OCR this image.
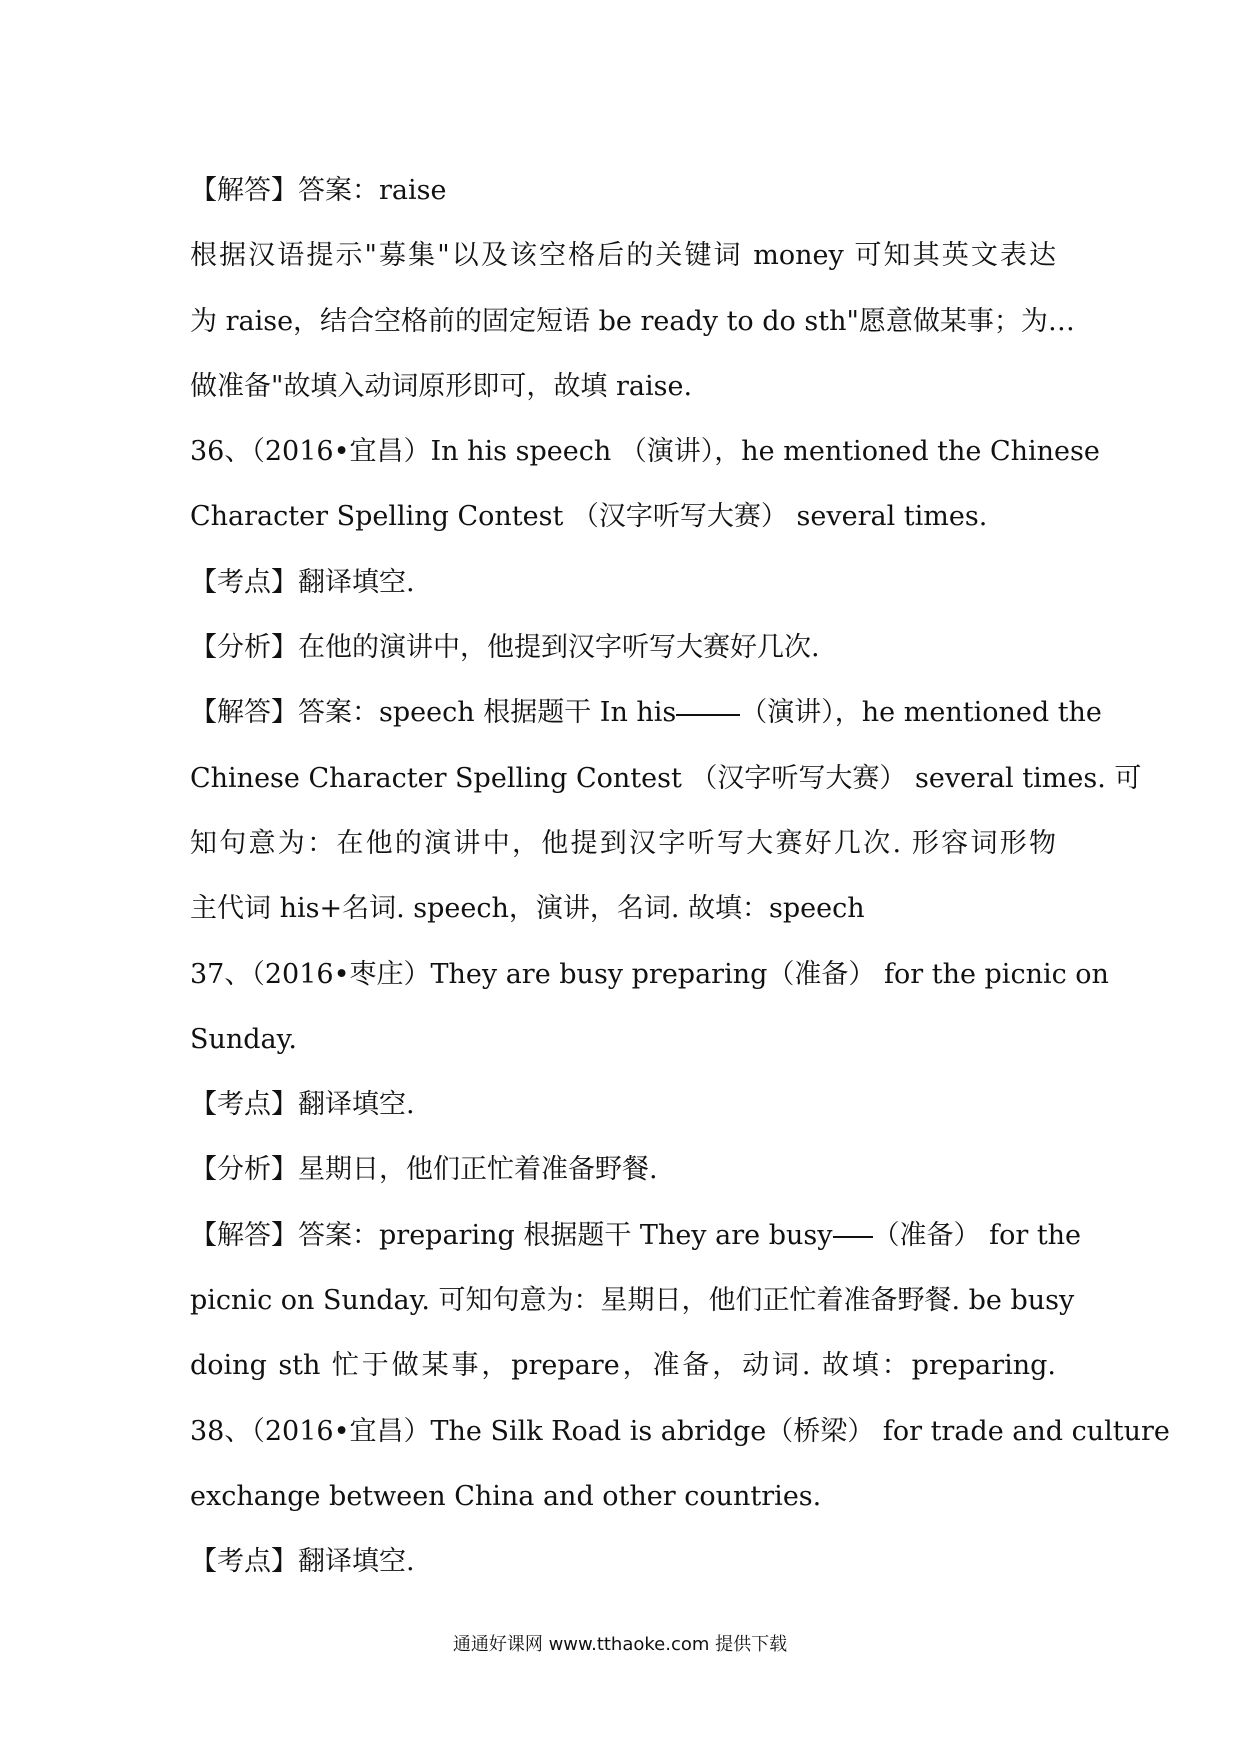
【解答】答案：raise
根据汉语提示"募集"以及该空格后的关键词 money 可知其英文表达
为 raise，结合空格前的固定短语 be ready to do sth"愿意做某事；为…
做准备"故填入动词原形即可，故填 raise.
36、（2016•宜昌）In his speech （演讲），he mentioned the Chinese
Character Spelling Contest （汉字听写大赛） several times.
【考点】翻译填空.
【分析】在他的演讲中，他提到汉字听写大赛好几次.
【解答】答案：speech 根据题干 In his （演讲），he mentioned the
Chinese Character Spelling Contest （汉字听写大赛） several times. 可
知句意为：在他的演讲中，他提到汉字听写大赛好几次. 形容词形物
主代词 his+名词. speech，演讲，名词. 故填：speech
37、（2016•枣庄）They are busy preparing（准备） for the picnic on
Sunday.
【考点】翻译填空.
【分析】星期日，他们正忙着准备野餐.
【解答】答案：preparing 根据题干 They are busy （准备） for the
picnic on Sunday. 可知句意为：星期日，他们正忙着准备野餐. be busy
doing sth 忙于做某事，prepare，准备，动词. 故填：preparing.
38、（2016•宜昌）The Silk Road is abridge（桥梁） for trade and culture
exchange between China and other countries.
【考点】翻译填空.
通通好课网 www.tthaoke.com 提供下载
